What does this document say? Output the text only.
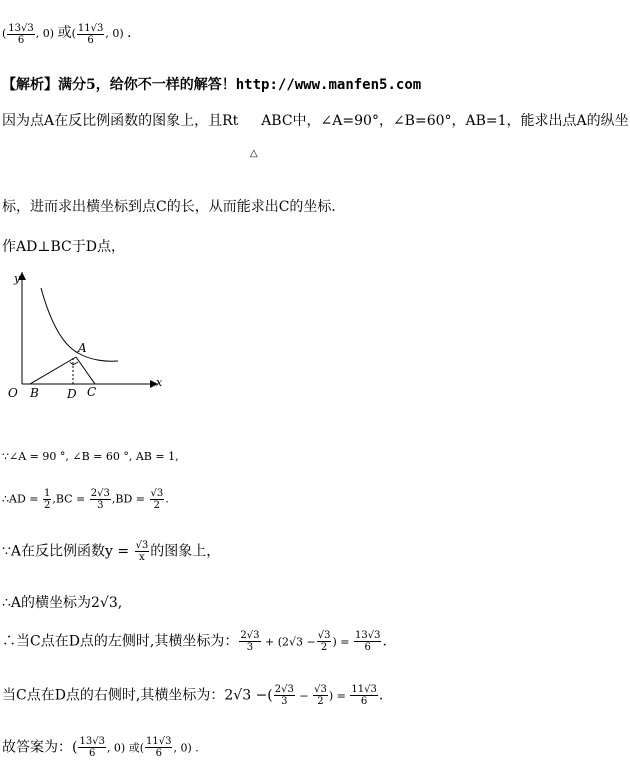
( $\frac{13√3}{6}$ , 0) 或( $\frac{11√3}{6}$ , 0) ．
【解析】满分5，给你不一样的解答！http://www.manfen5.com
因为点A在反比例函数的图象上，且Rt ABC中，∠A=90°，∠B=60°，AB=1，能求出点A的纵坐
△
标，进而求出横坐标到点C的长，从而能求出C的坐标．
作AD⊥BC于D点，
y
x
O
A
B D C
∵∠A = 90 °, ∠B = 60 °, AB = 1,
∴AD = $\frac{1}{2} ,BC = \frac{2√3}{3} ,BD = \frac{√3}{2}$ .
∵A在反比例函数$y = \frac{√3}{x}$ 的图象上，
∴A的横坐标为2√3,
∴当C点在D点的左侧时,其横坐标为： $\frac{2√3}{3} + (2√3 - \frac{√3}{2}$ ) = $\frac{13√3}{6}$ .
当C点在D点的右侧时,其横坐标为：2√3 −( $\frac{2√3}{3} - \frac{√3}{2}$ ) = $\frac{11√3}{6}$ .
故答案为：( $\frac{13√3}{6}$ , 0) 或( $\frac{11√3}{6}$ , 0) .
